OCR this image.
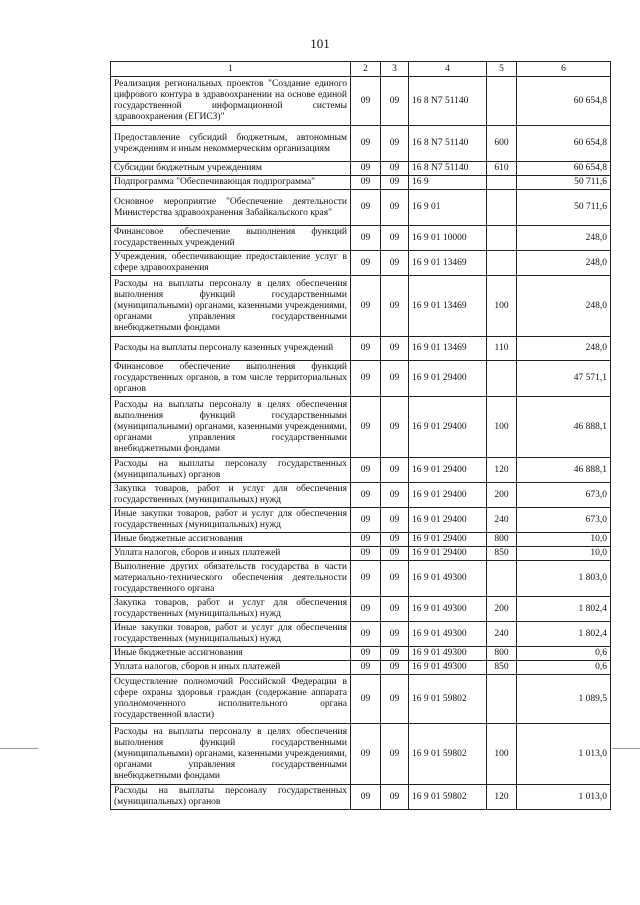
101
1	2	3	4	5	6
Реализация региональных проектов "Создание единого цифрового контура в здравоохранении на основе единой государственной информационной системы здравоохранения (ЕГИСЗ)"	09	09	16 8 N7 51140		60 654,8
Предоставление субсидий бюджетным, автономным учреждениям и иным некоммерческим организациям	09	09	16 8 N7 51140	600	60 654,8
Субсидии бюджетным учреждениям	09	09	16 8 N7 51140	610	60 654,8
Подпрограмма "Обеспечивающая подпрограмма"	09	09	16 9		50 711,6
Основное мероприятие "Обеспечение деятельности Министерства здравоохранения Забайкальского края"	09	09	16 9 01		50 711,6
Финансовое обеспечение выполнения функций государственных учреждений	09	09	16 9 01 10000		248,0
Учреждения, обеспечивающие предоставление услуг в сфере здравоохранения	09	09	16 9 01 13469		248,0
Расходы на выплаты персоналу в целях обеспечения выполнения функций государственными (муниципальными) органами, казенными учреждениями, органами управления государственными внебюджетными фондами	09	09	16 9 01 13469	100	248,0
Расходы на выплаты персоналу казенных учреждений	09	09	16 9 01 13469	110	248,0
Финансовое обеспечение выполнения функций государственных органов, в том числе территориальных органов	09	09	16 9 01 29400		47 571,1
Расходы на выплаты персоналу в целях обеспечения выполнения функций государственными (муниципальными) органами, казенными учреждениями, органами управления государственными внебюджетными фондами	09	09	16 9 01 29400	100	46 888,1
Расходы на выплаты персоналу государственных (муниципальных) органов	09	09	16 9 01 29400	120	46 888,1
Закупка товаров, работ и услуг для обеспечения государственных (муниципальных) нужд	09	09	16 9 01 29400	200	673,0
Иные закупки товаров, работ и услуг для обеспечения государственных (муниципальных) нужд	09	09	16 9 01 29400	240	673,0
Иные бюджетные ассигнования	09	09	16 9 01 29400	800	10,0
Уплата налогов, сборов и иных платежей	09	09	16 9 01 29400	850	10,0
Выполнение других обязательств государства в части материально-технического обеспечения деятельности государственного органа	09	09	16 9 01 49300		1 803,0
Закупка товаров, работ и услуг для обеспечения государственных (муниципальных) нужд	09	09	16 9 01 49300	200	1 802,4
Иные закупки товаров, работ и услуг для обеспечения государственных (муниципальных) нужд	09	09	16 9 01 49300	240	1 802,4
Иные бюджетные ассигнования	09	09	16 9 01 49300	800	0,6
Уплата налогов, сборов и иных платежей	09	09	16 9 01 49300	850	0,6
Осуществление полномочий Российской Федерации в сфере охраны здоровья граждан (содержание аппарата уполномоченного исполнительного органа государственной власти)	09	09	16 9 01 59802		1 089,5
Расходы на выплаты персоналу в целях обеспечения выполнения функций государственными (муниципальными) органами, казенными учреждениями, органами управления государственными внебюджетными фондами	09	09	16 9 01 59802	100	1 013,0
Расходы на выплаты персоналу государственных (муниципальных) органов	09	09	16 9 01 59802	120	1 013,0
